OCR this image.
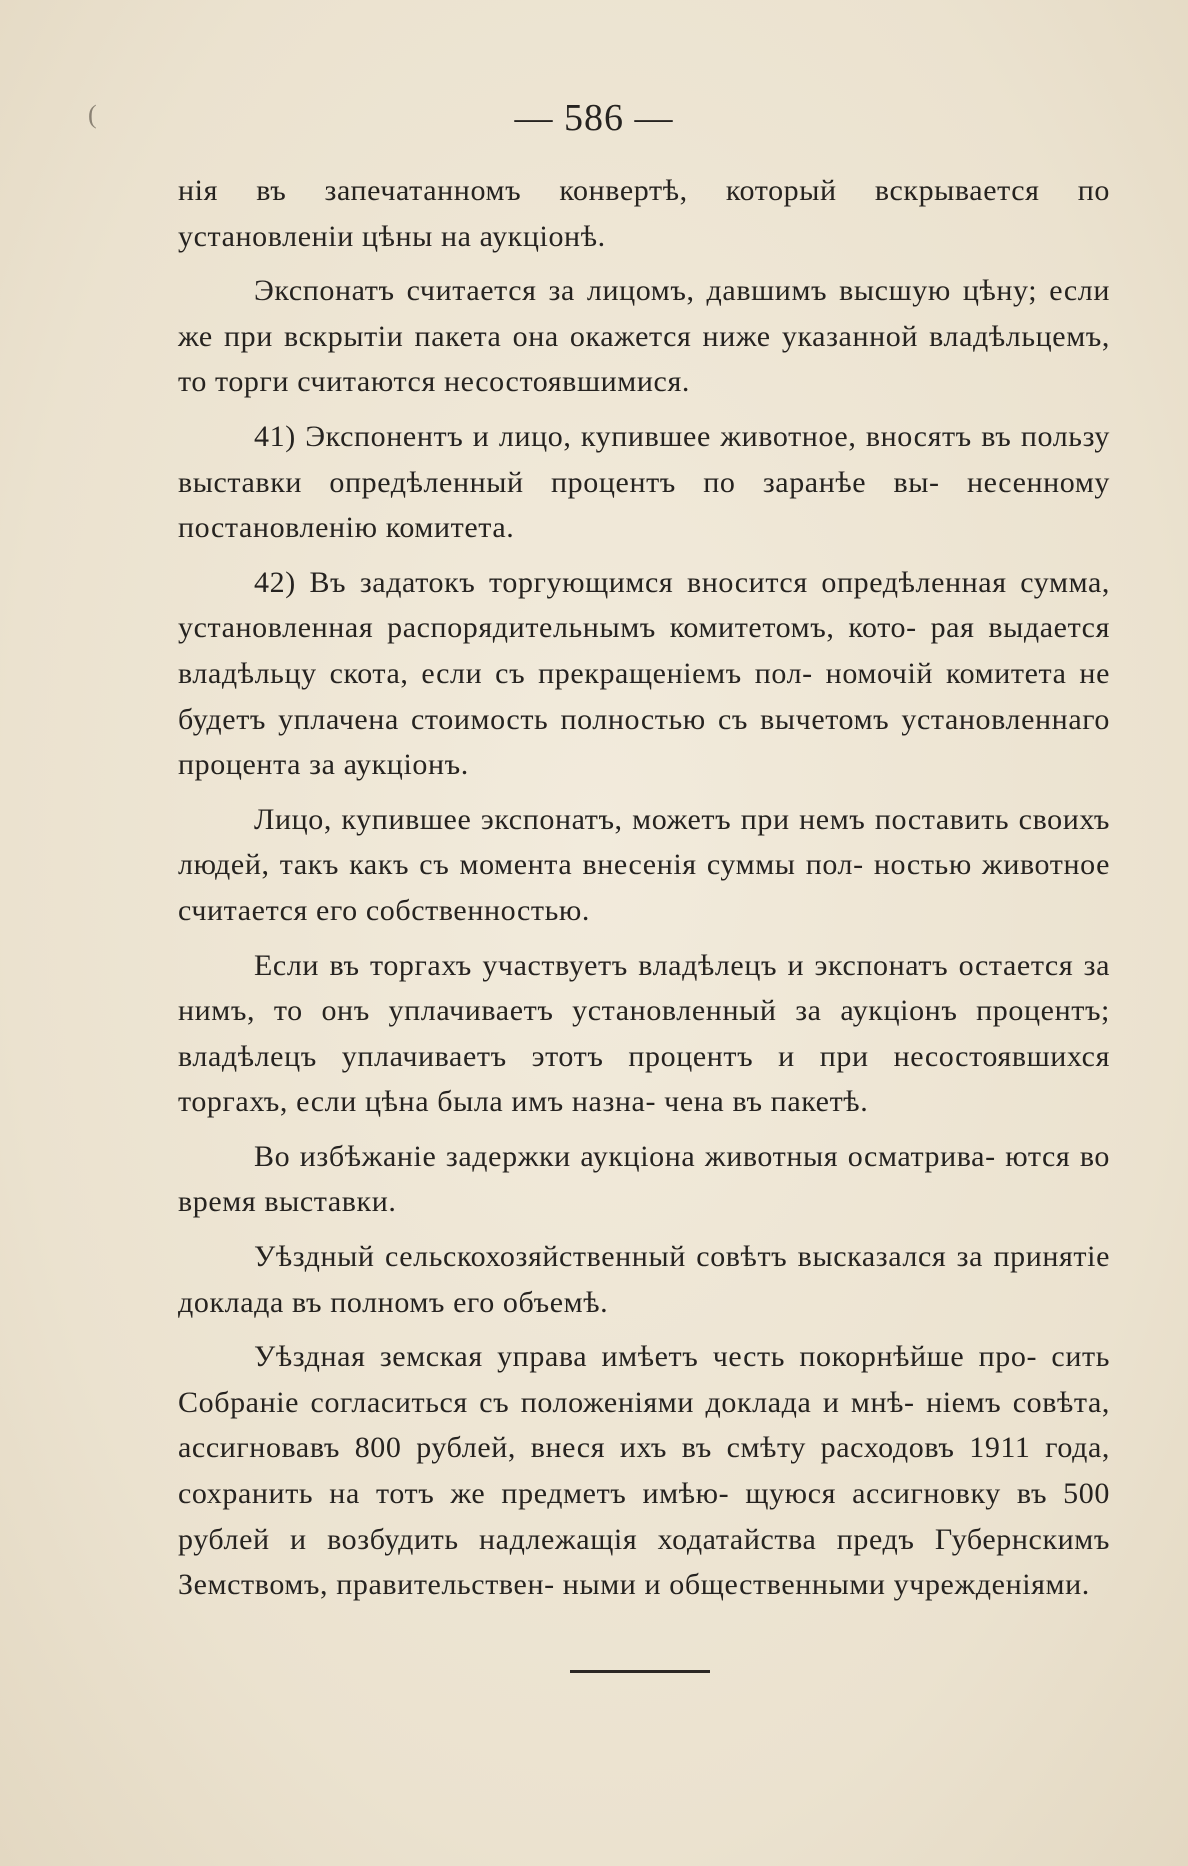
(	— 586 —

нія въ запечатанномъ конвертѣ, который вскрывается по установленіи цѣны на аукціонѣ.

Экспонатъ считается за лицомъ, давшимъ высшую цѣну; если же при вскрытіи пакета она окажется ниже указанной владѣльцемъ, то торги считаются несостоявшимися.

41) Экспонентъ и лицо, купившее животное, вносятъ въ пользу выставки опредѣленный процентъ по заранѣе вы- несенному постановленію комитета.

42) Въ задатокъ торгующимся вносится опредѣленная сумма, установленная распорядительнымъ комитетомъ, кото- рая выдается владѣльцу скота, если съ прекращеніемъ пол- номочій комитета не будетъ уплачена стоимость полностью съ вычетомъ установленнаго процента за аукціонъ.

Лицо, купившее экспонатъ, можетъ при немъ поставить своихъ людей, такъ какъ съ момента внесенія суммы пол- ностью животное считается его собственностью.

Если въ торгахъ участвуетъ владѣлецъ и экспонатъ остается за нимъ, то онъ уплачиваетъ установленный за аукціонъ процентъ; владѣлецъ уплачиваетъ этотъ процентъ и при несостоявшихся торгахъ, если цѣна была имъ назна- чена въ пакетѣ.

Во избѣжаніе задержки аукціона животныя осматрива- ются во время выставки.

Уѣздный сельскохозяйственный совѣтъ высказался за принятіе доклада въ полномъ его объемѣ.

Уѣздная земская управа имѣетъ честь покорнѣйше про- сить Собраніе согласиться съ положеніями доклада и мнѣ- ніемъ совѣта, ассигновавъ 800 рублей, внеся ихъ въ смѣту расходовъ 1911 года, сохранить на тотъ же предметъ имѣю- щуюся ассигновку въ 500 рублей и возбудить надлежащія ходатайства предъ Губернскимъ Земствомъ, правительствен- ными и общественными учрежденіями.
